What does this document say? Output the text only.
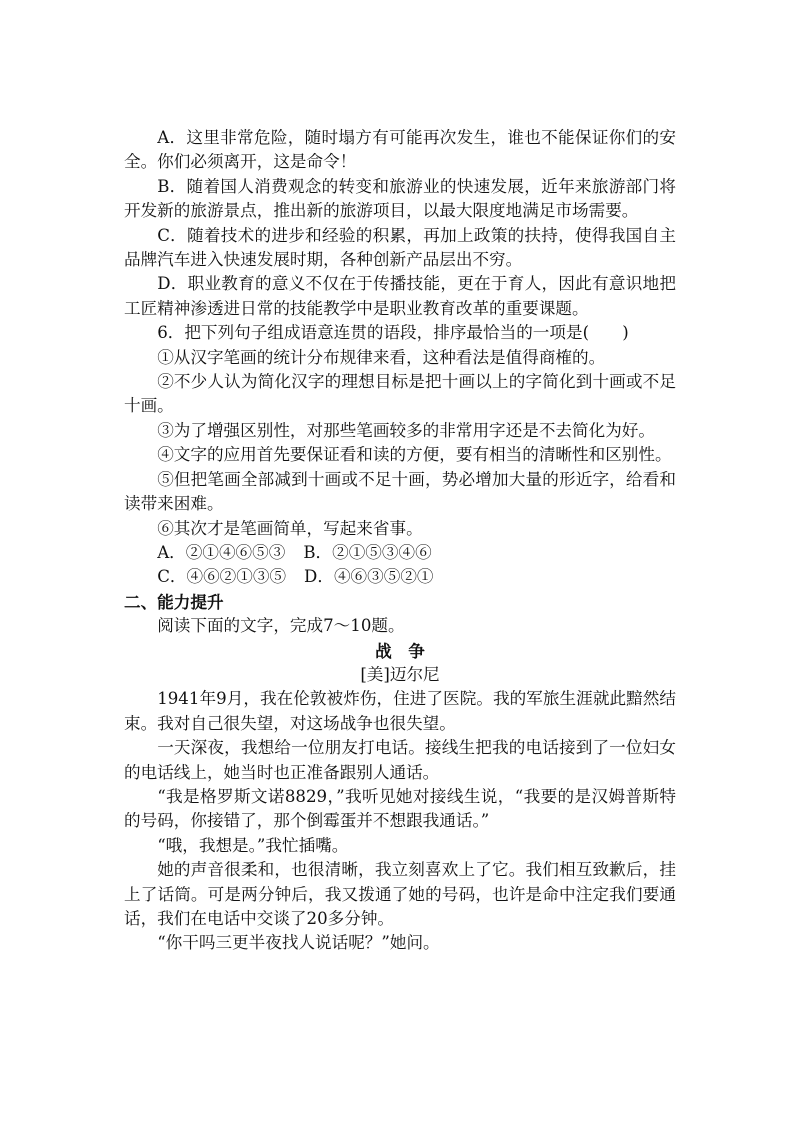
A．这里非常危险，随时塌方有可能再次发生，谁也不能保证你们的安全。你们必须离开，这是命令！

B．随着国人消费观念的转变和旅游业的快速发展，近年来旅游部门将开发新的旅游景点，推出新的旅游项目，以最大限度地满足市场需要。

C．随着技术的进步和经验的积累，再加上政策的扶持，使得我国自主品牌汽车进入快速发展时期，各种创新产品层出不穷。

D．职业教育的意义不仅在于传播技能，更在于育人，因此有意识地把工匠精神渗透进日常的技能教学中是职业教育改革的重要课题。

6．把下列句子组成语意连贯的语段，排序最恰当的一项是(　　)

①从汉字笔画的统计分布规律来看，这种看法是值得商榷的。

②不少人认为简化汉字的理想目标是把十画以上的字简化到十画或不足十画。

③为了增强区别性，对那些笔画较多的非常用字还是不去简化为好。

④文字的应用首先要保证看和读的方便，要有相当的清晰性和区别性。

⑤但把笔画全部减到十画或不足十画，势必增加大量的形近字，给看和读带来困难。

⑥其次才是笔画简单，写起来省事。

A．②①④⑥⑤③ B．②①⑤③④⑥
C．④⑥②①③⑤ D．④⑥③⑤②①

二、能力提升

阅读下面的文字，完成7～10题。

战争

[美]迈尔尼

1941年9月，我在伦敦被炸伤，住进了医院。我的军旅生涯就此黯然结束。我对自己很失望，对这场战争也很失望。

一天深夜，我想给一位朋友打电话。接线生把我的电话接到了一位妇女的电话线上，她当时也正准备跟别人通话。

“我是格罗斯文诺8829，”我听见她对接线生说，“我要的是汉姆普斯特的号码，你接错了，那个倒霉蛋并不想跟我通话。”

“哦，我想是。”我忙插嘴。

她的声音很柔和，也很清晰，我立刻喜欢上了它。我们相互致歉后，挂上了话筒。可是两分钟后，我又拨通了她的号码，也许是命中注定我们要通话，我们在电话中交谈了20多分钟。

“你干吗三更半夜找人说话呢？”她问。
